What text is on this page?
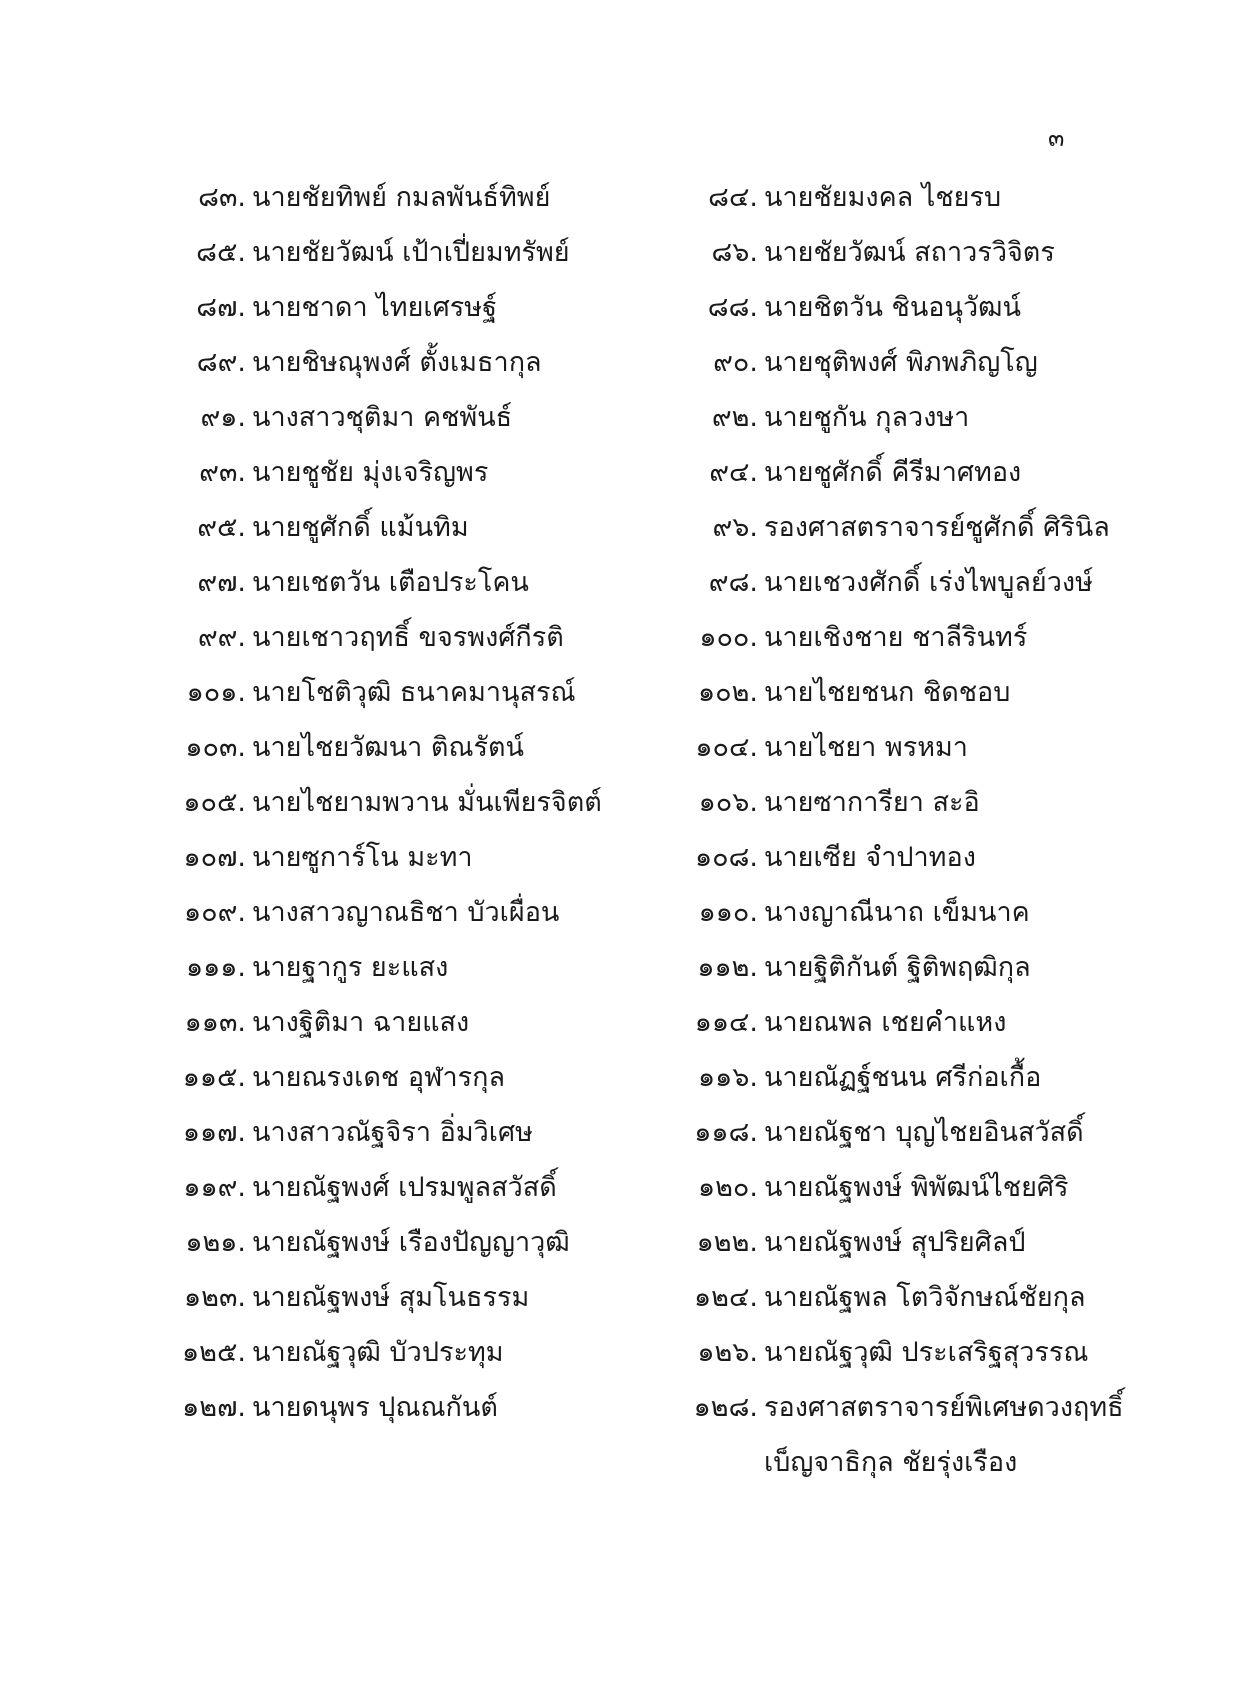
๓
๘๓. นายชัยทิพย์ กมลพันธ์ทิพย์	๘๔. นายชัยมงคล ไชยรบ
๘๕. นายชัยวัฒน์ เป้าเปี่ยมทรัพย์	๘๖. นายชัยวัฒน์ สถาวรวิจิตร
๘๗. นายชาดา ไทยเศรษฐ์	๘๘. นายชิตวัน ชินอนุวัฒน์
๘๙. นายชิษณุพงศ์ ตั้งเมธากุล	๙๐. นายชุติพงศ์ พิภพภิญโญ
๙๑. นางสาวชุติมา คชพันธ์	๙๒. นายชูกัน กุลวงษา
๙๓. นายชูชัย มุ่งเจริญพร	๙๔. นายชูศักดิ์ คีรีมาศทอง
๙๕. นายชูศักดิ์ แม้นทิม	๙๖. รองศาสตราจารย์ชูศักดิ์ ศิรินิล
๙๗. นายเชตวัน เตือประโคน	๙๘. นายเชวงศักดิ์ เร่งไพบูลย์วงษ์
๙๙. นายเชาวฤทธิ์ ขจรพงศ์กีรติ	๑๐๐. นายเชิงชาย ชาลีรินทร์
๑๐๑. นายโชติวุฒิ ธนาคมานุสรณ์	๑๐๒. นายไชยชนก ชิดชอบ
๑๐๓. นายไชยวัฒนา ติณรัตน์	๑๐๔. นายไชยา พรหมา
๑๐๕. นายไชยามพวาน มั่นเพียรจิตต์	๑๐๖. นายซาการียา สะอิ
๑๐๗. นายซูการ์โน มะทา	๑๐๘. นายเซีย จำปาทอง
๑๐๙. นางสาวญาณธิชา บัวเผื่อน	๑๑๐. นางญาณีนาถ เข็มนาค
๑๑๑. นายฐากูร ยะแสง	๑๑๒. นายฐิติกันต์ ฐิติพฤฒิกุล
๑๑๓. นางฐิติมา ฉายแสง	๑๑๔. นายณพล เชยคำแหง
๑๑๕. นายณรงเดช อุฬารกุล	๑๑๖. นายณัฏฐ์ชนน ศรีก่อเกื้อ
๑๑๗. นางสาวณัฐจิรา อิ่มวิเศษ	๑๑๘. นายณัฐชา บุญไชยอินสวัสดิ์
๑๑๙. นายณัฐพงศ์ เปรมพูลสวัสดิ์	๑๒๐. นายณัฐพงษ์ พิพัฒน์ไชยศิริ
๑๒๑. นายณัฐพงษ์ เรืองปัญญาวุฒิ	๑๒๒. นายณัฐพงษ์ สุปริยศิลป์
๑๒๓. นายณัฐพงษ์ สุมโนธรรม	๑๒๔. นายณัฐพล โตวิจักษณ์ชัยกุล
๑๒๕. นายณัฐวุฒิ บัวประทุม	๑๒๖. นายณัฐวุฒิ ประเสริฐสุวรรณ
๑๒๗. นายดนุพร ปุณณกันต์	๑๒๘. รองศาสตราจารย์พิเศษดวงฤทธิ์
เบ็ญจาธิกุล ชัยรุ่งเรือง
